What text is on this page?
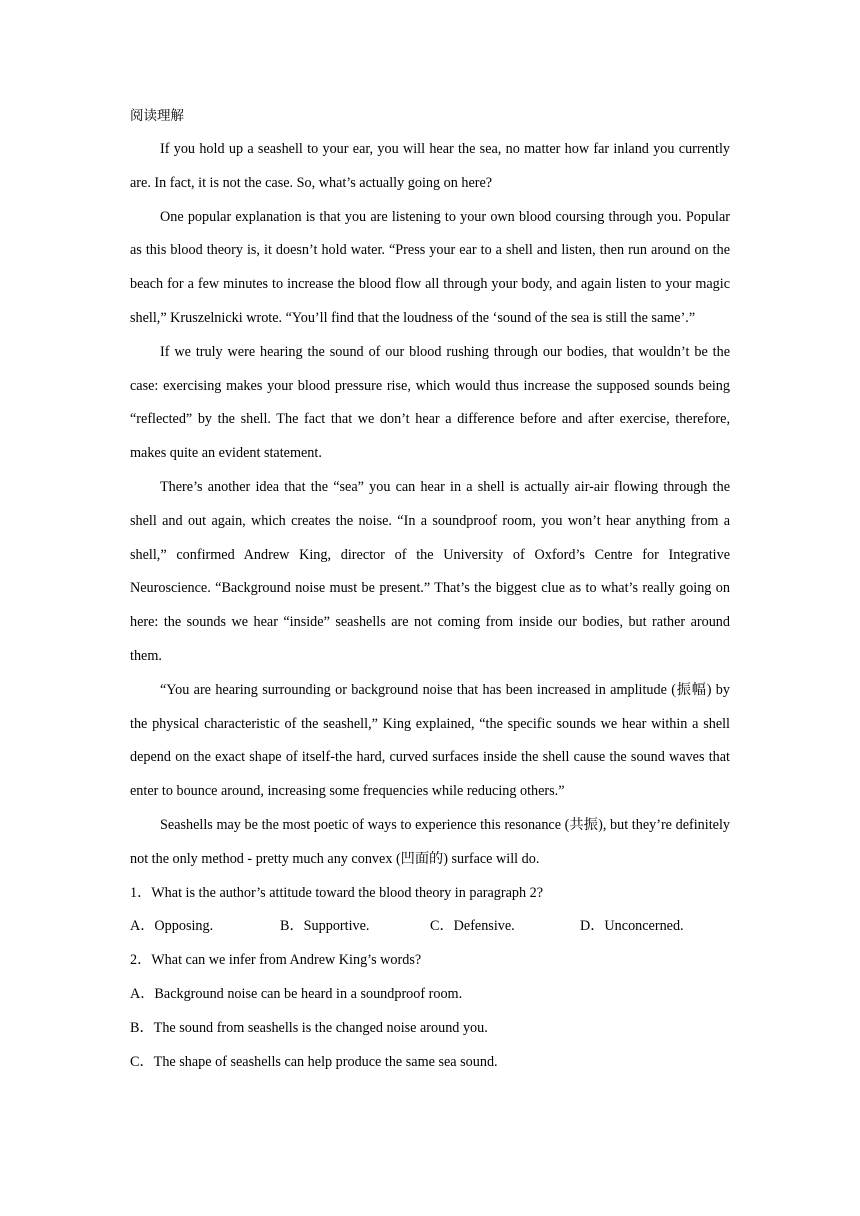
阅读理解

If you hold up a seashell to your ear, you will hear the sea, no matter how far inland you currently are. In fact, it is not the case. So, what’s actually going on here?

One popular explanation is that you are listening to your own blood coursing through you. Popular as this blood theory is, it doesn’t hold water. “Press your ear to a shell and listen, then run around on the beach for a few minutes to increase the blood flow all through your body, and again listen to your magic shell,” Kruszelnicki wrote. “You’ll find that the loudness of the ‘sound of the sea is still the same’.”

If we truly were hearing the sound of our blood rushing through our bodies, that wouldn’t be the case: exercising makes your blood pressure rise, which would thus increase the supposed sounds being “reflected” by the shell. The fact that we don’t hear a difference before and after exercise, therefore, makes quite an evident statement.

There’s another idea that the “sea” you can hear in a shell is actually air-air flowing through the shell and out again, which creates the noise. “In a soundproof room, you won’t hear anything from a shell,” confirmed Andrew King, director of the University of Oxford’s Centre for Integrative Neuroscience. “Background noise must be present.” That’s the biggest clue as to what’s really going on here: the sounds we hear “inside” seashells are not coming from inside our bodies, but rather around them.

“You are hearing surrounding or background noise that has been increased in amplitude (振幅) by the physical characteristic of the seashell,” King explained, “the specific sounds we hear within a shell depend on the exact shape of itself-the hard, curved surfaces inside the shell cause the sound waves that enter to bounce around, increasing some frequencies while reducing others.”

Seashells may be the most poetic of ways to experience this resonance (共振), but they’re definitely not the only method - pretty much any convex (凹面的) surface will do.

1．What is the author’s attitude toward the blood theory in paragraph 2?

A．Opposing.	B．Supportive.	C．Defensive.	D．Unconcerned.

2．What can we infer from Andrew King’s words?

A．Background noise can be heard in a soundproof room.

B．The sound from seashells is the changed noise around you.

C．The shape of seashells can help produce the same sea sound.
